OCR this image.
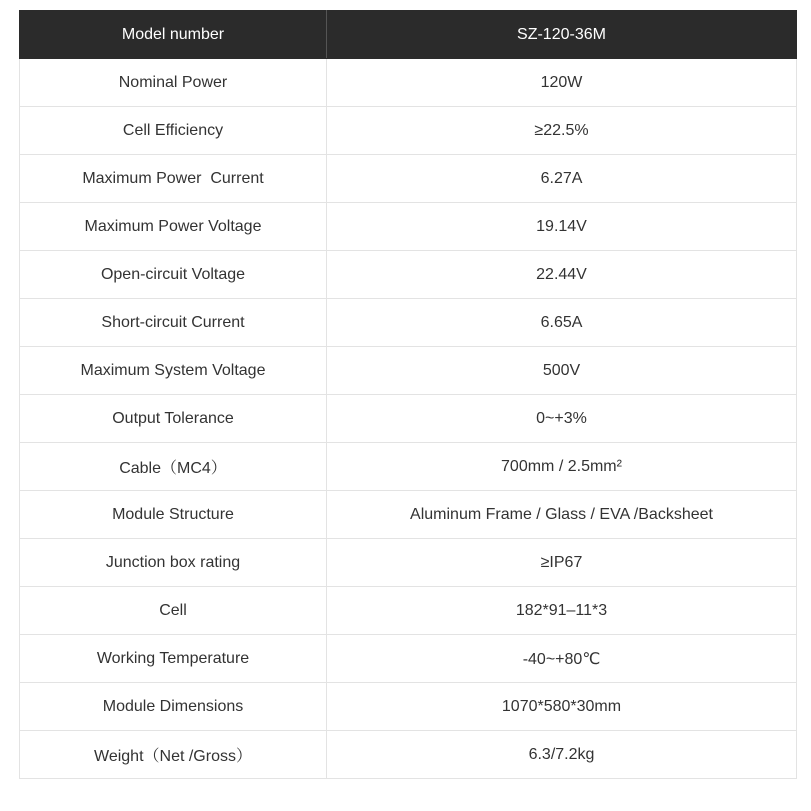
Model number	SZ-120-36M
Nominal Power	120W
Cell Efficiency	≥22.5%
Maximum Power  Current	6.27A
Maximum Power Voltage	19.14V
Open-circuit Voltage	22.44V
Short-circuit Current	6.65A
Maximum System Voltage	500V
Output Tolerance	0~+3%
Cable（MC4）	700mm / 2.5mm²
Module Structure	Aluminum Frame / Glass / EVA /Backsheet
Junction box rating	≥IP67
Cell	182*91–11*3
Working Temperature	-40~+80℃
Module Dimensions	1070*580*30mm
Weight（Net /Gross）	6.3/7.2kg
